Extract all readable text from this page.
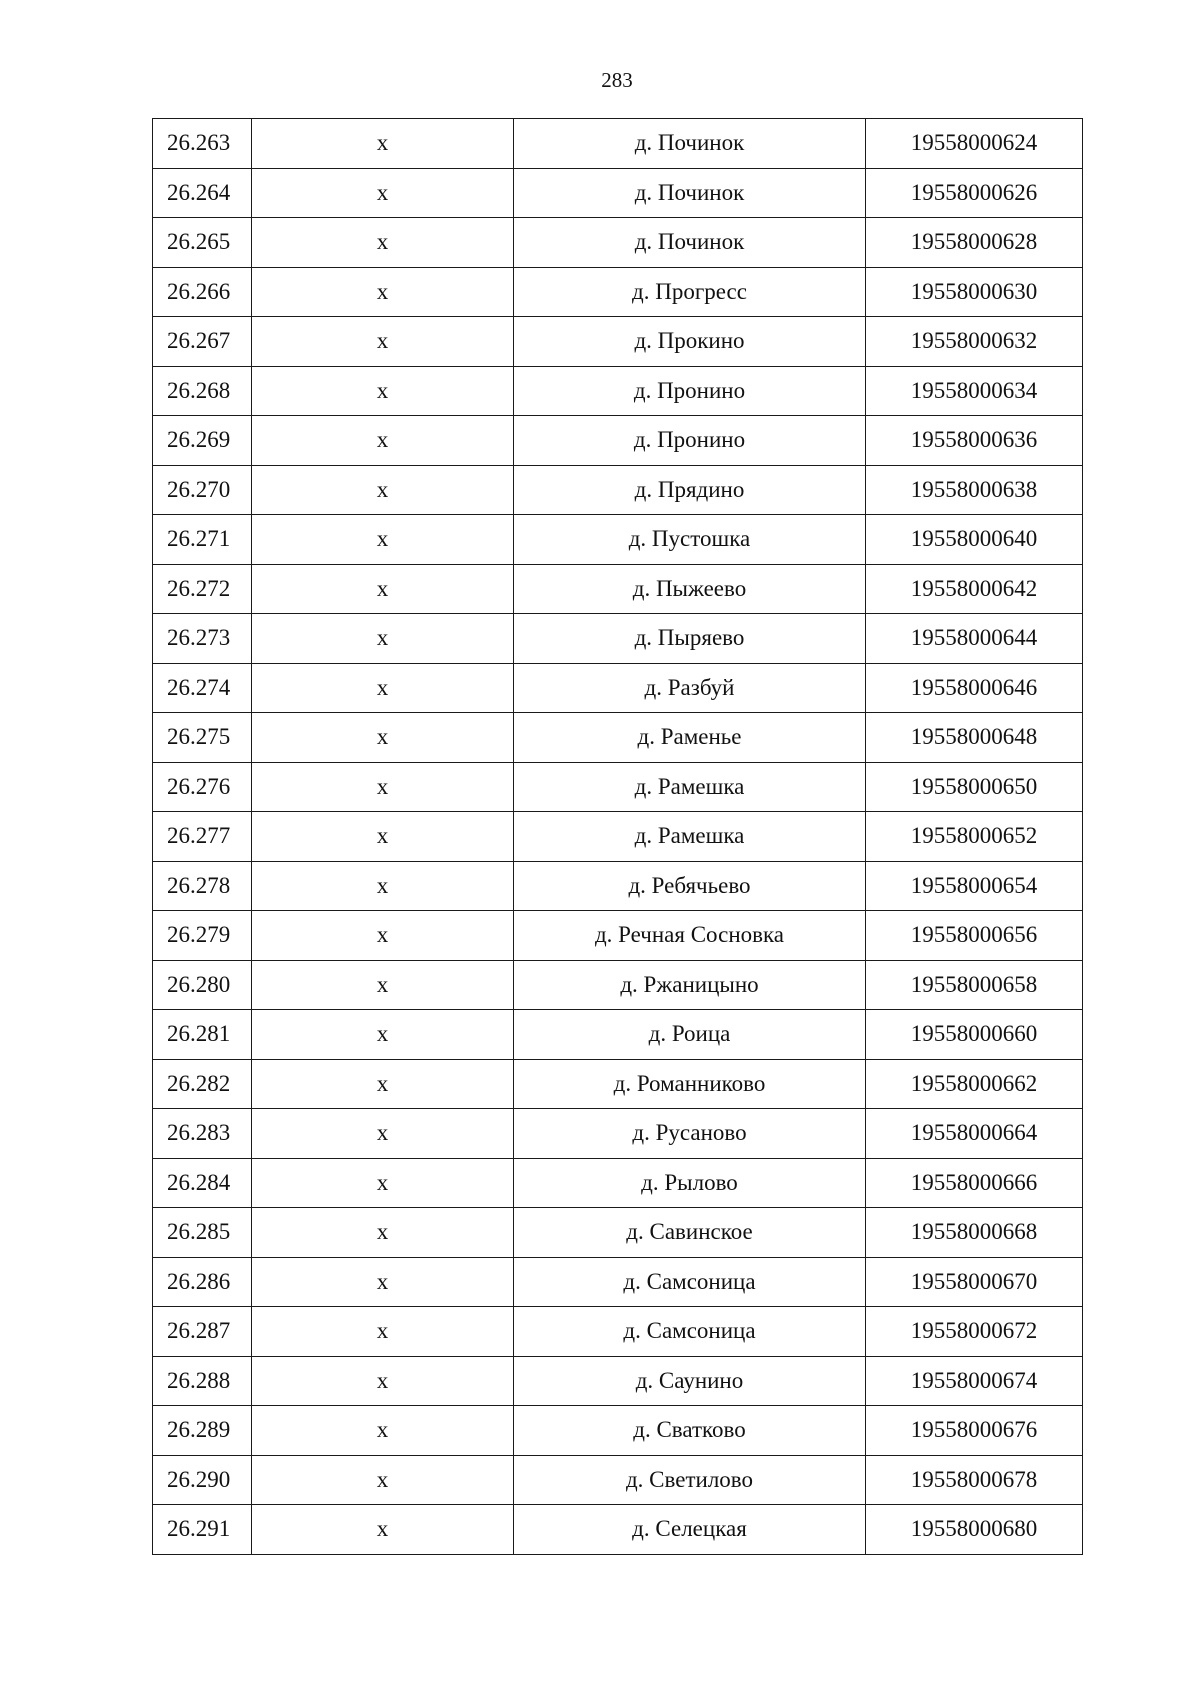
283
26.263	х	д. Починок	19558000624
26.264	х	д. Починок	19558000626
26.265	х	д. Починок	19558000628
26.266	х	д. Прогресс	19558000630
26.267	х	д. Прокино	19558000632
26.268	х	д. Пронино	19558000634
26.269	х	д. Пронино	19558000636
26.270	х	д. Прядино	19558000638
26.271	х	д. Пустошка	19558000640
26.272	х	д. Пыжеево	19558000642
26.273	х	д. Пыряево	19558000644
26.274	х	д. Разбуй	19558000646
26.275	х	д. Раменье	19558000648
26.276	х	д. Рамешка	19558000650
26.277	х	д. Рамешка	19558000652
26.278	х	д. Ребячьево	19558000654
26.279	х	д. Речная Сосновка	19558000656
26.280	х	д. Ржаницыно	19558000658
26.281	х	д. Роица	19558000660
26.282	х	д. Романниково	19558000662
26.283	х	д. Русаново	19558000664
26.284	х	д. Рылово	19558000666
26.285	х	д. Савинское	19558000668
26.286	х	д. Самсоница	19558000670
26.287	х	д. Самсоница	19558000672
26.288	х	д. Саунино	19558000674
26.289	х	д. Сватково	19558000676
26.290	х	д. Светилово	19558000678
26.291	х	д. Селецкая	19558000680
